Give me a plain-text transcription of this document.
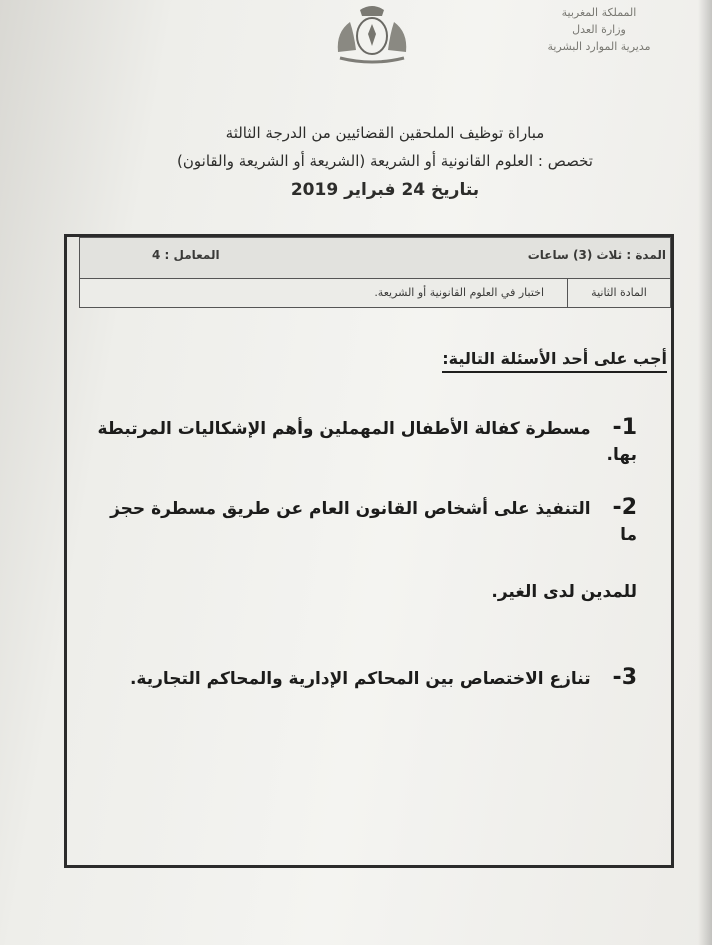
المملكة المغربية
وزارة العدل
مديرية الموارد البشرية
مباراة توظيف الملحقين القضائيين من الدرجة الثالثة
تخصص : العلوم القانونية أو الشريعة (الشريعة أو الشريعة والقانون)
بتاريخ 24 فبراير 2019
المدة : ثلاث (3) ساعات
المعامل : 4
المادة الثانية
اختبار في العلوم القانونية أو الشريعة.
أجب على أحد الأسئلة التالية:
1- مسطرة كفالة الأطفال المهملين وأهم الإشكاليات المرتبطة بها.
2- التنفيذ على أشخاص القانون العام عن طريق مسطرة حجز ما
للمدين لدى الغير.
3- تنازع الاختصاص بين المحاكم الإدارية والمحاكم التجارية.
